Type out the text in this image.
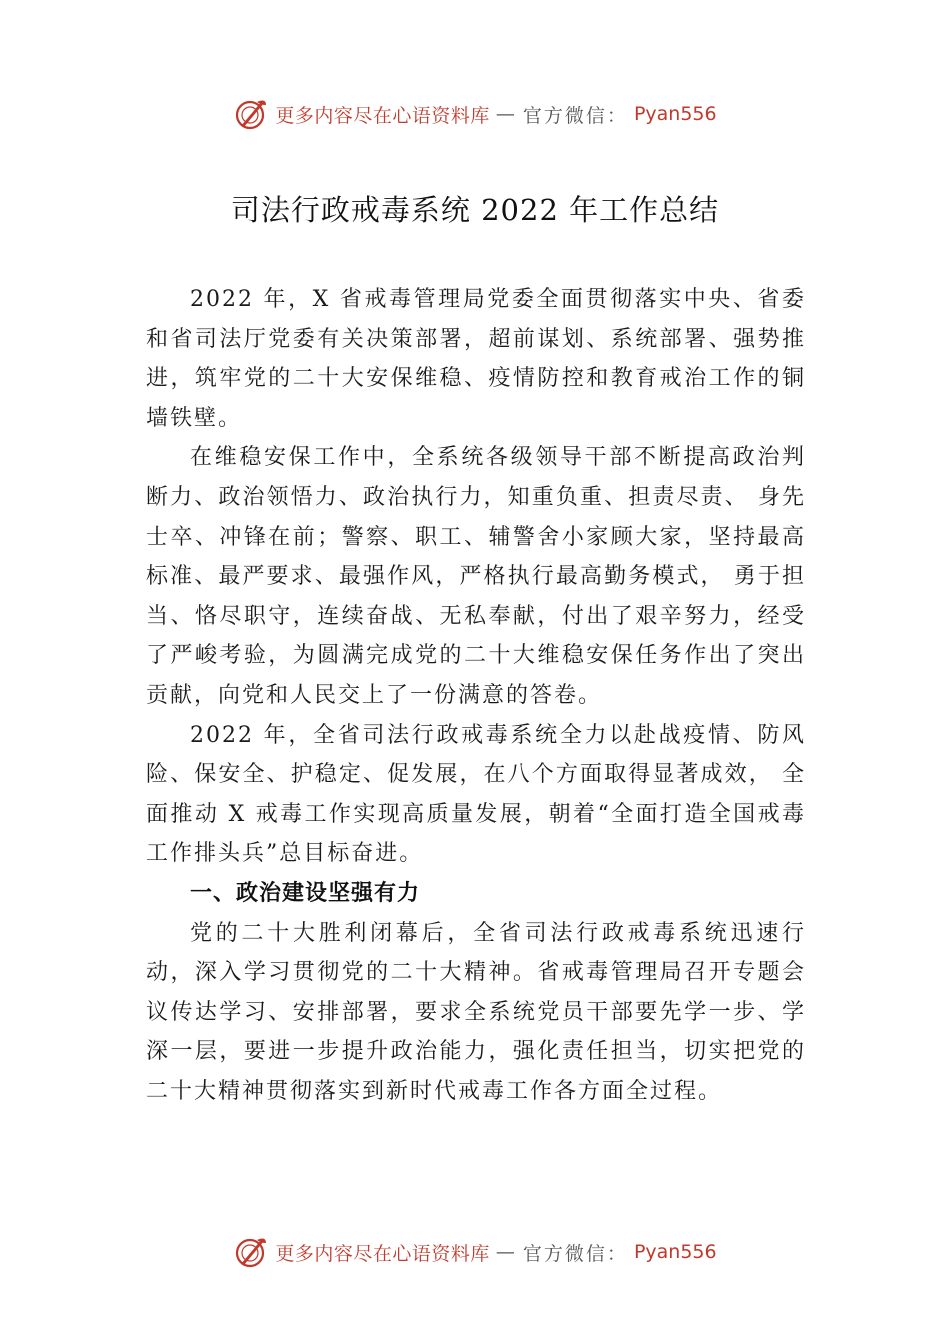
更多内容尽在心语资料库 — 官方微信： Pyan556
司法行政戒毒系统 2022 年工作总结

2022 年，X 省戒毒管理局党委全面贯彻落实中央、省委和省司法厅党委有关决策部署，超前谋划、系统部署、强势推进，筑牢党的二十大安保维稳、疫情防控和教育戒治工作的铜墙铁壁。

在维稳安保工作中，全系统各级领导干部不断提高政治判断力、政治领悟力、政治执行力，知重负重、担责尽责、 身先士卒、冲锋在前；警察、职工、辅警舍小家顾大家，坚持最高标准、最严要求、最强作风，严格执行最高勤务模式， 勇于担当、恪尽职守，连续奋战、无私奉献，付出了艰辛努力，经受了严峻考验，为圆满完成党的二十大维稳安保任务作出了突出贡献，向党和人民交上了一份满意的答卷。

2022 年，全省司法行政戒毒系统全力以赴战疫情、防风险、保安全、护稳定、促发展，在八个方面取得显著成效， 全面推动 X 戒毒工作实现高质量发展，朝着“全面打造全国戒毒工作排头兵”总目标奋进。

一、政治建设坚强有力

党的二十大胜利闭幕后，全省司法行政戒毒系统迅速行动，深入学习贯彻党的二十大精神。省戒毒管理局召开专题会议传达学习、安排部署，要求全系统党员干部要先学一步、学深一层，要进一步提升政治能力，强化责任担当，切实把党的二十大精神贯彻落实到新时代戒毒工作各方面全过程。

更多内容尽在心语资料库 — 官方微信： Pyan556
